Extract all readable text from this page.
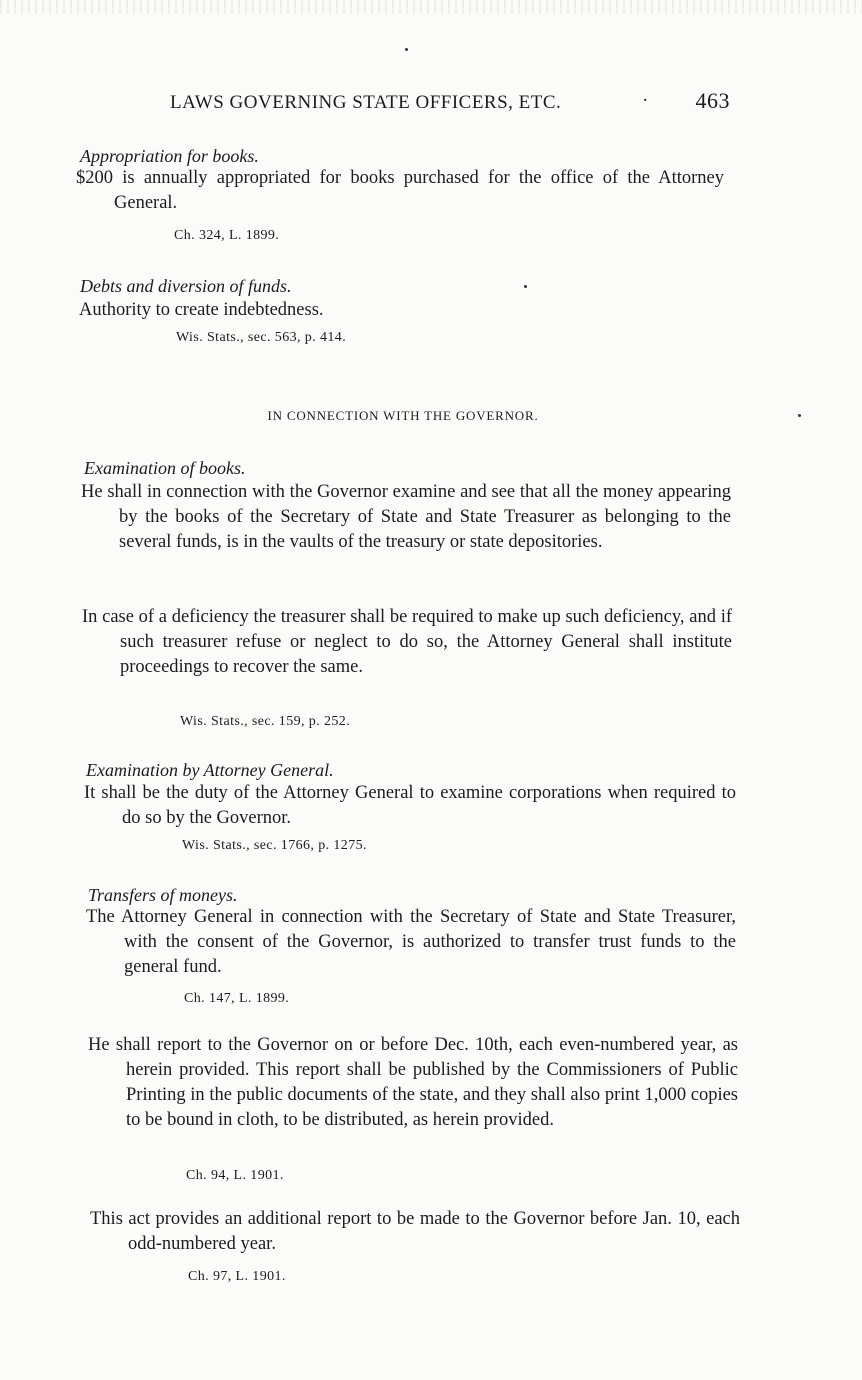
LAWS GOVERNING STATE OFFICERS, ETC.	· 463
Appropriation for books.
$200 is annually appropriated for books purchased for the office of the Attorney General.
Ch. 324, L. 1899.
Debts and diversion of funds.
Authority to create indebtedness.
Wis. Stats., sec. 563, p. 414.
IN CONNECTION WITH THE GOVERNOR.
Examination of books.
He shall in connection with the Governor examine and see that all the money appearing by the books of the Secretary of State and State Treasurer as belonging to the several funds, is in the vaults of the treasury or state depositories.
In case of a deficiency the treasurer shall be required to make up such deficiency, and if such treasurer refuse or neglect to do so, the Attorney General shall institute proceedings to recover the same.
Wis. Stats., sec. 159, p. 252.
Examination by Attorney General.
It shall be the duty of the Attorney General to examine corporations when required to do so by the Governor.
Wis. Stats., sec. 1766, p. 1275.
Transfers of moneys.
The Attorney General in connection with the Secretary of State and State Treasurer, with the consent of the Governor, is authorized to transfer trust funds to the general fund.
Ch. 147, L. 1899.
He shall report to the Governor on or before Dec. 10th, each even-numbered year, as herein provided. This report shall be published by the Commissioners of Public Printing in the public documents of the state, and they shall also print 1,000 copies to be bound in cloth, to be distributed, as herein provided.
Ch. 94, L. 1901.
This act provides an additional report to be made to the Governor before Jan. 10, each odd-numbered year.
Ch. 97, L. 1901.
